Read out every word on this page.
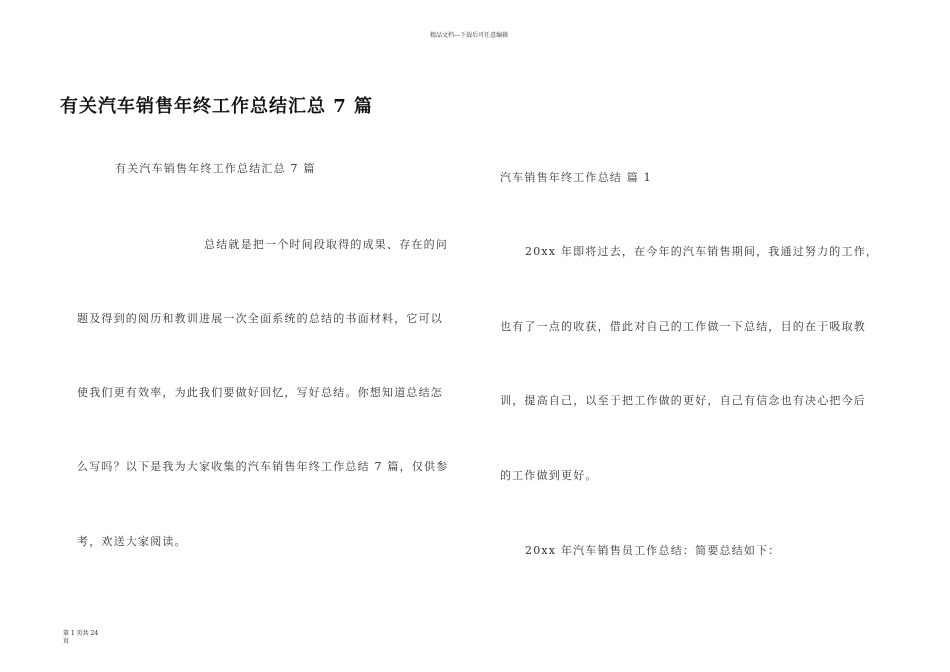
精品文档---下载后可任意编辑
有关汽车销售年终工作总结汇总 7 篇
有关汽车销售年终工作总结汇总 7 篇
总结就是把一个时间段取得的成果、存在的问
题及得到的阅历和教训进展一次全面系统的总结的书面材料，它可以
使我们更有效率，为此我们要做好回忆，写好总结。你想知道总结怎
么写吗？以下是我为大家收集的汽车销售年终工作总结 7 篇，仅供参
考，欢送大家阅读。
汽车销售年终工作总结 篇 1
20xx 年即将过去，在今年的汽车销售期间，我通过努力的工作，
也有了一点的收获，借此对自己的工作做一下总结，目的在于吸取教
训，提高自己，以至于把工作做的更好，自己有信念也有决心把今后
的工作做到更好。
20xx 年汽车销售员工作总结：简要总结如下：
第 1 页共 24 页
